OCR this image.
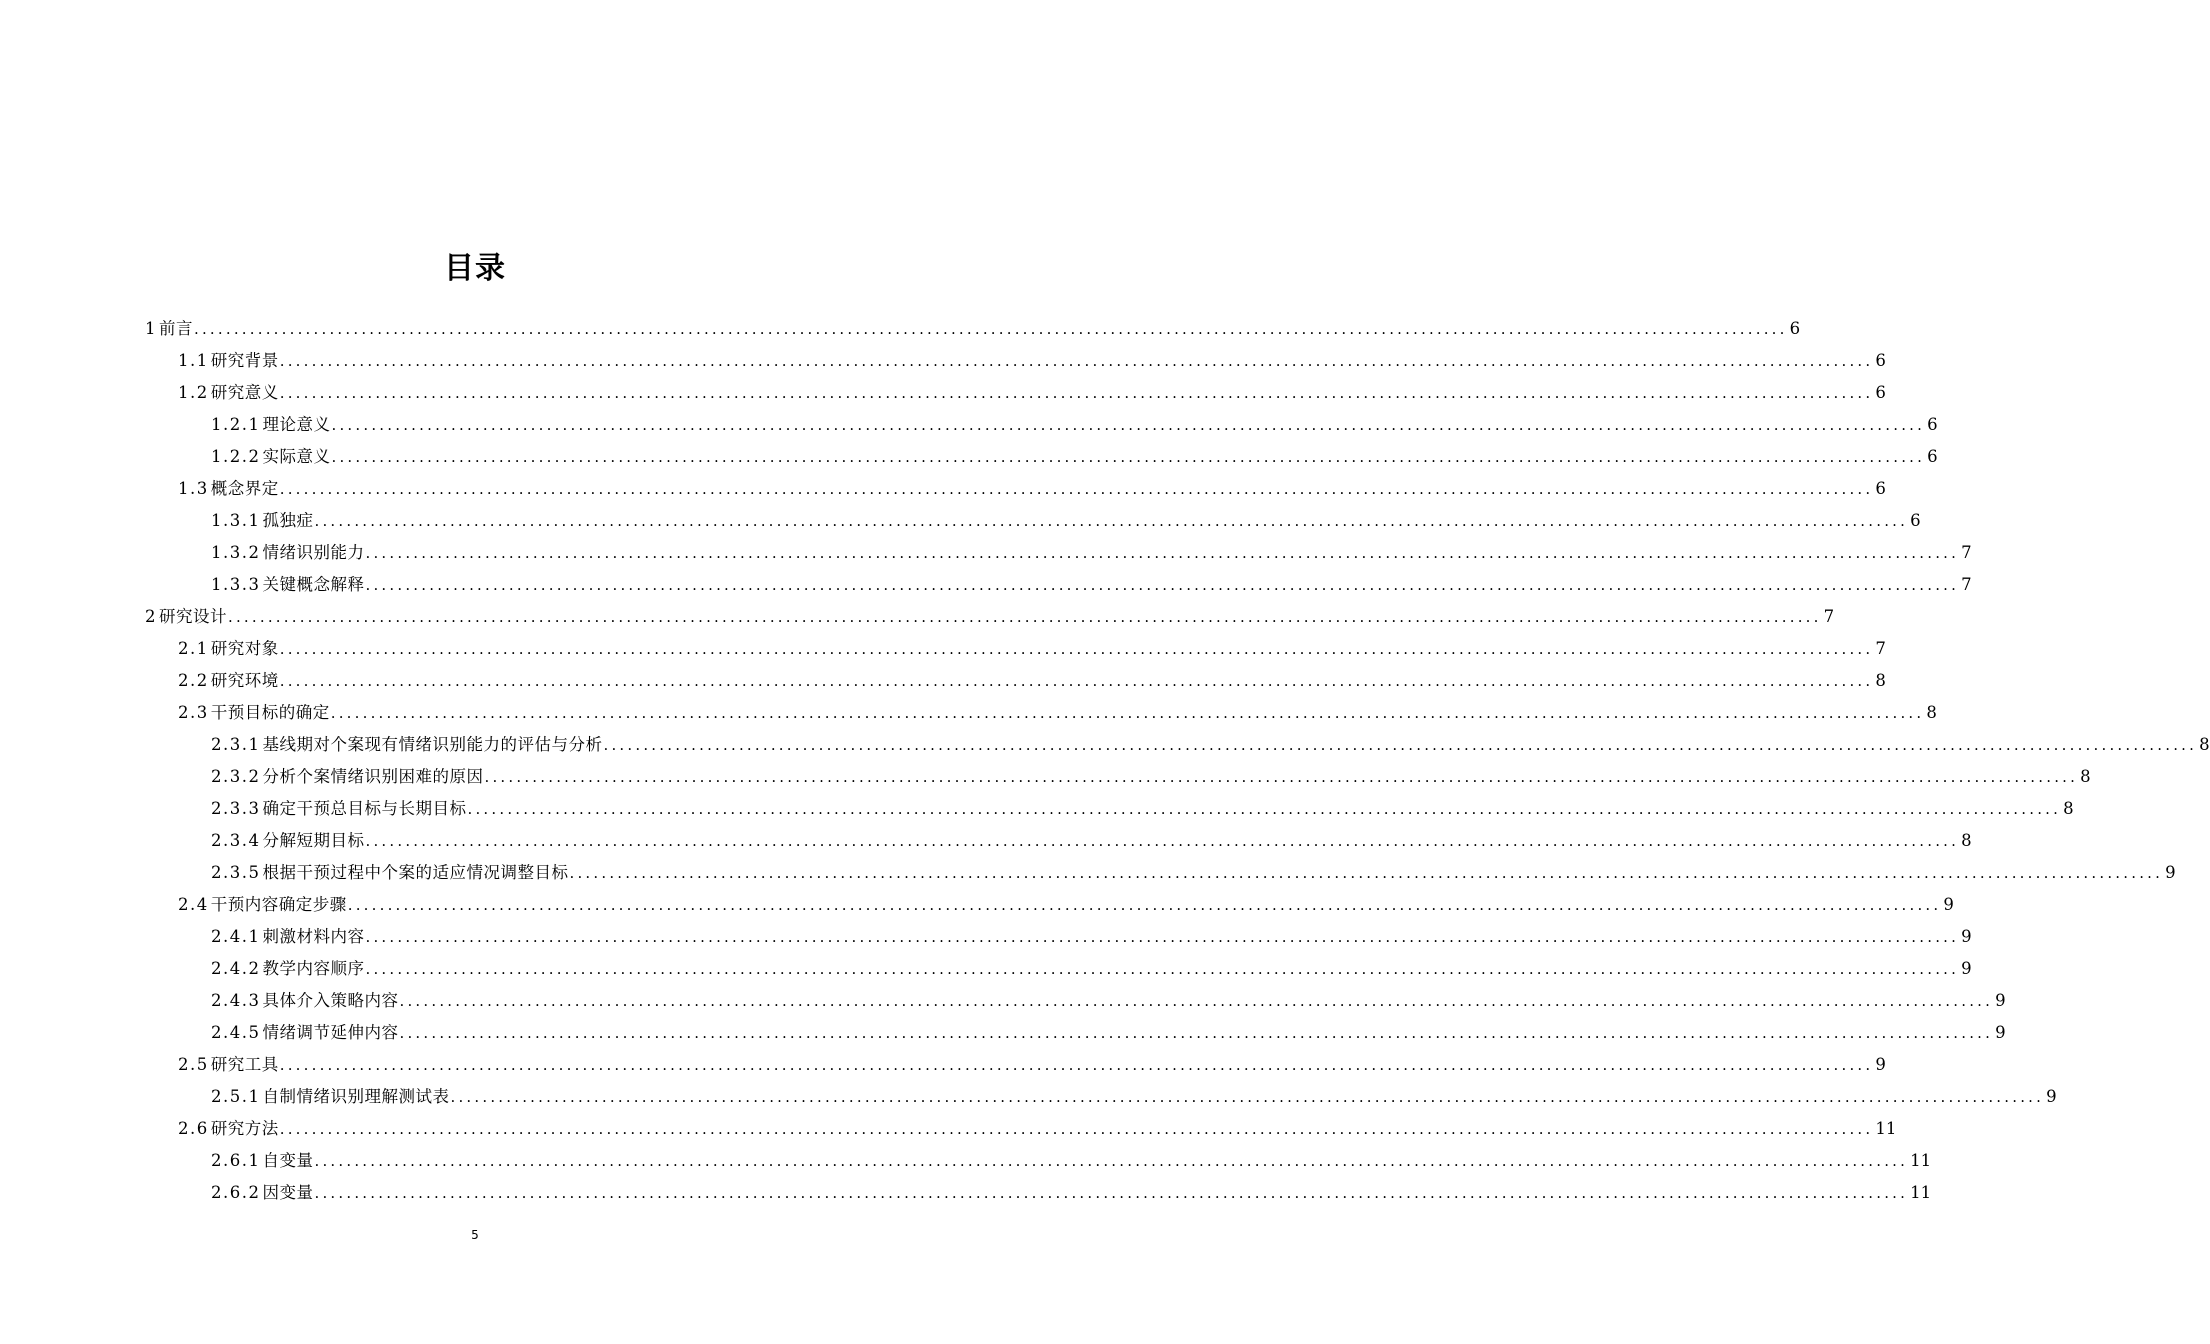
目录
1 前言 ........................................................................................................................................................................................................ 6
1.1 研究背景 ........................................................................................................................................................................................................ 6
1.2 研究意义 ........................................................................................................................................................................................................ 6
1.2.1 理论意义 ........................................................................................................................................................................................................ 6
1.2.2 实际意义 ........................................................................................................................................................................................................ 6
1.3 概念界定 ........................................................................................................................................................................................................ 6
1.3.1 孤独症 ........................................................................................................................................................................................................ 6
1.3.2 情绪识别能力 ........................................................................................................................................................................................................ 7
1.3.3 关键概念解释 ........................................................................................................................................................................................................ 7
2 研究设计 ........................................................................................................................................................................................................ 7
2.1 研究对象 ........................................................................................................................................................................................................ 7
2.2 研究环境 ........................................................................................................................................................................................................ 8
2.3 干预目标的确定 ........................................................................................................................................................................................................ 8
2.3.1 基线期对个案现有情绪识别能力的评估与分析 ........................................................................................................................................................................................................ 8
2.3.2 分析个案情绪识别困难的原因 ........................................................................................................................................................................................................ 8
2.3.3 确定干预总目标与长期目标 ........................................................................................................................................................................................................ 8
2.3.4 分解短期目标 ........................................................................................................................................................................................................ 8
2.3.5 根据干预过程中个案的适应情况调整目标 ........................................................................................................................................................................................................ 9
2.4 干预内容确定步骤 ........................................................................................................................................................................................................ 9
2.4.1 刺激材料内容 ........................................................................................................................................................................................................ 9
2.4.2 教学内容顺序 ........................................................................................................................................................................................................ 9
2.4.3 具体介入策略内容 ........................................................................................................................................................................................................ 9
2.4.5 情绪调节延伸内容 ........................................................................................................................................................................................................ 9
2.5 研究工具 ........................................................................................................................................................................................................ 9
2.5.1 自制情绪识别理解测试表 ........................................................................................................................................................................................................ 9
2.6 研究方法 ........................................................................................................................................................................................................ 11
2.6.1 自变量 ........................................................................................................................................................................................................ 11
2.6.2 因变量 ........................................................................................................................................................................................................ 11
5
